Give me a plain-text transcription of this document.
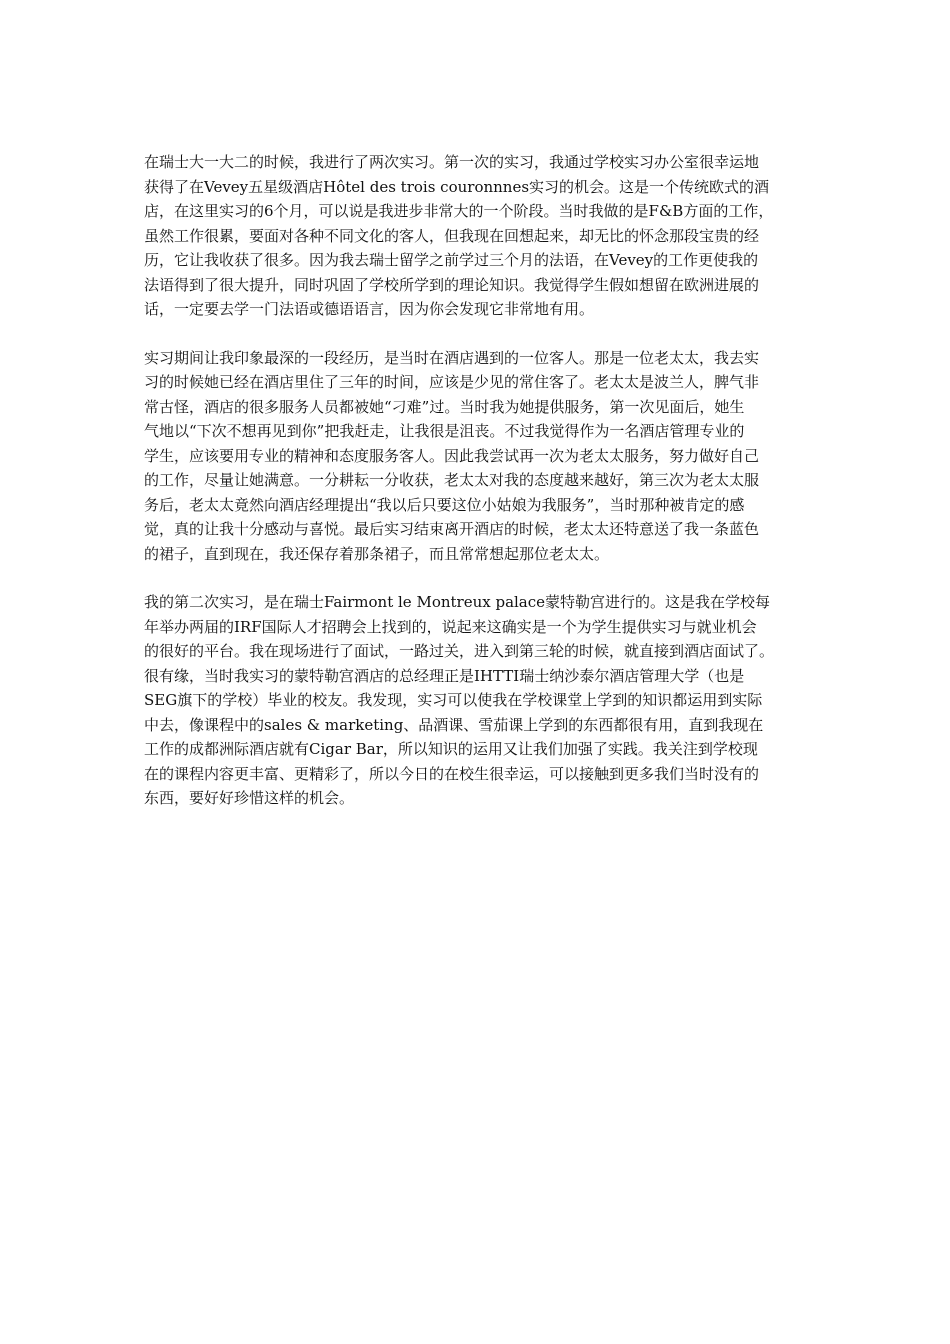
在瑞士大一大二的时候，我进行了两次实习。第一次的实习，我通过学校实习办公室很幸运地
获得了在Vevey五星级酒店Hôtel des trois couronnnes实习的机会。这是一个传统欧式的酒
店，在这里实习的6个月，可以说是我进步非常大的一个阶段。当时我做的是F&B方面的工作，
虽然工作很累，要面对各种不同文化的客人，但我现在回想起来，却无比的怀念那段宝贵的经
历，它让我收获了很多。因为我去瑞士留学之前学过三个月的法语，在Vevey的工作更使我的
法语得到了很大提升，同时巩固了学校所学到的理论知识。我觉得学生假如想留在欧洲进展的
话，一定要去学一门法语或德语语言，因为你会发现它非常地有用。

实习期间让我印象最深的一段经历，是当时在酒店遇到的一位客人。那是一位老太太，我去实
习的时候她已经在酒店里住了三年的时间，应该是少见的常住客了。老太太是波兰人，脾气非
常古怪，酒店的很多服务人员都被她“刁难”过。当时我为她提供服务，第一次见面后，她生
气地以“下次不想再见到你”把我赶走，让我很是沮丧。不过我觉得作为一名酒店管理专业的
学生，应该要用专业的精神和态度服务客人。因此我尝试再一次为老太太服务，努力做好自己
的工作，尽量让她满意。一分耕耘一分收获，老太太对我的态度越来越好，第三次为老太太服
务后，老太太竟然向酒店经理提出“我以后只要这位小姑娘为我服务”，当时那种被肯定的感
觉，真的让我十分感动与喜悦。最后实习结束离开酒店的时候，老太太还特意送了我一条蓝色
的裙子，直到现在，我还保存着那条裙子，而且常常想起那位老太太。

我的第二次实习，是在瑞士Fairmont le Montreux palace蒙特勒宫进行的。这是我在学校每
年举办两届的IRF国际人才招聘会上找到的，说起来这确实是一个为学生提供实习与就业机会
的很好的平台。我在现场进行了面试，一路过关，进入到第三轮的时候，就直接到酒店面试了。
很有缘，当时我实习的蒙特勒宫酒店的总经理正是IHTTI瑞士纳沙泰尔酒店管理大学（也是
SEG旗下的学校）毕业的校友。我发现，实习可以使我在学校课堂上学到的知识都运用到实际
中去，像课程中的sales & marketing、品酒课、雪茄课上学到的东西都很有用，直到我现在
工作的成都洲际酒店就有Cigar Bar，所以知识的运用又让我们加强了实践。我关注到学校现
在的课程内容更丰富、更精彩了，所以今日的在校生很幸运，可以接触到更多我们当时没有的
东西，要好好珍惜这样的机会。
